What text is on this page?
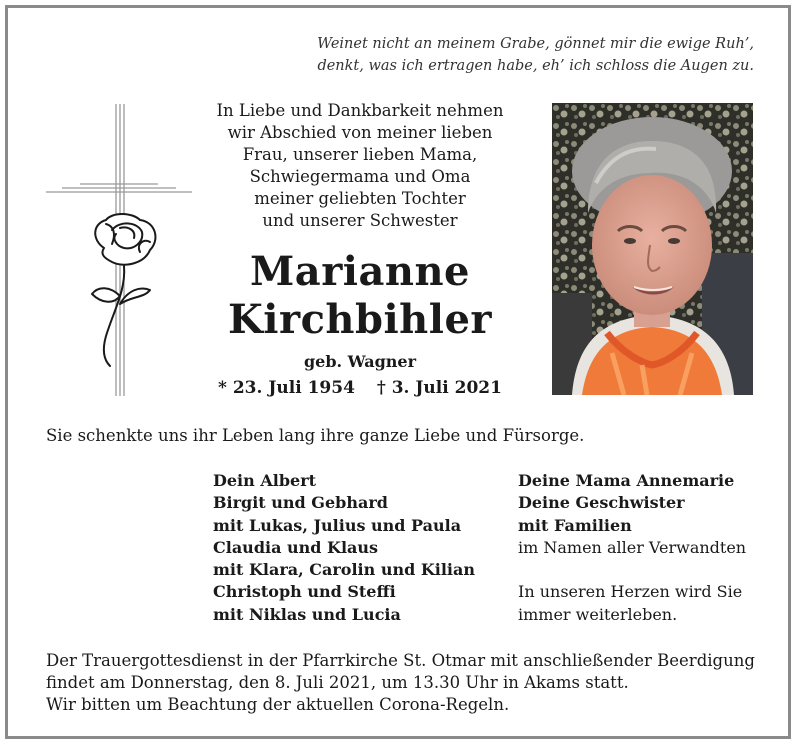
Weinet nicht an meinem Grabe, gönnet mir die ewige Ruh’,
denkt, was ich ertragen habe, eh’ ich schloss die Augen zu.
In Liebe und Dankbarkeit nehmen
wir Abschied von meiner lieben
Frau, unserer lieben Mama,
Schwiegermama und Oma
meiner geliebten Tochter
und unserer Schwester
Marianne
Kirchbihler
geb. Wagner
* 23. Juli 1954 † 3. Juli 2021
Sie schenkte uns ihr Leben lang ihre ganze Liebe und Fürsorge.
Dein Albert
Birgit und Gebhard
mit Lukas, Julius und Paula
Claudia und Klaus
mit Klara, Carolin und Kilian
Christoph und Steffi
mit Niklas und Lucia
Deine Mama Annemarie
Deine Geschwister
mit Familien
im Namen aller Verwandten
In unseren Herzen wird Sie
immer weiterleben.
Der Trauergottesdienst in der Pfarrkirche St. Otmar mit anschließender Beerdigung
findet am Donnerstag, den 8. Juli 2021, um 13.30 Uhr in Akams statt.
Wir bitten um Beachtung der aktuellen Corona-Regeln.
